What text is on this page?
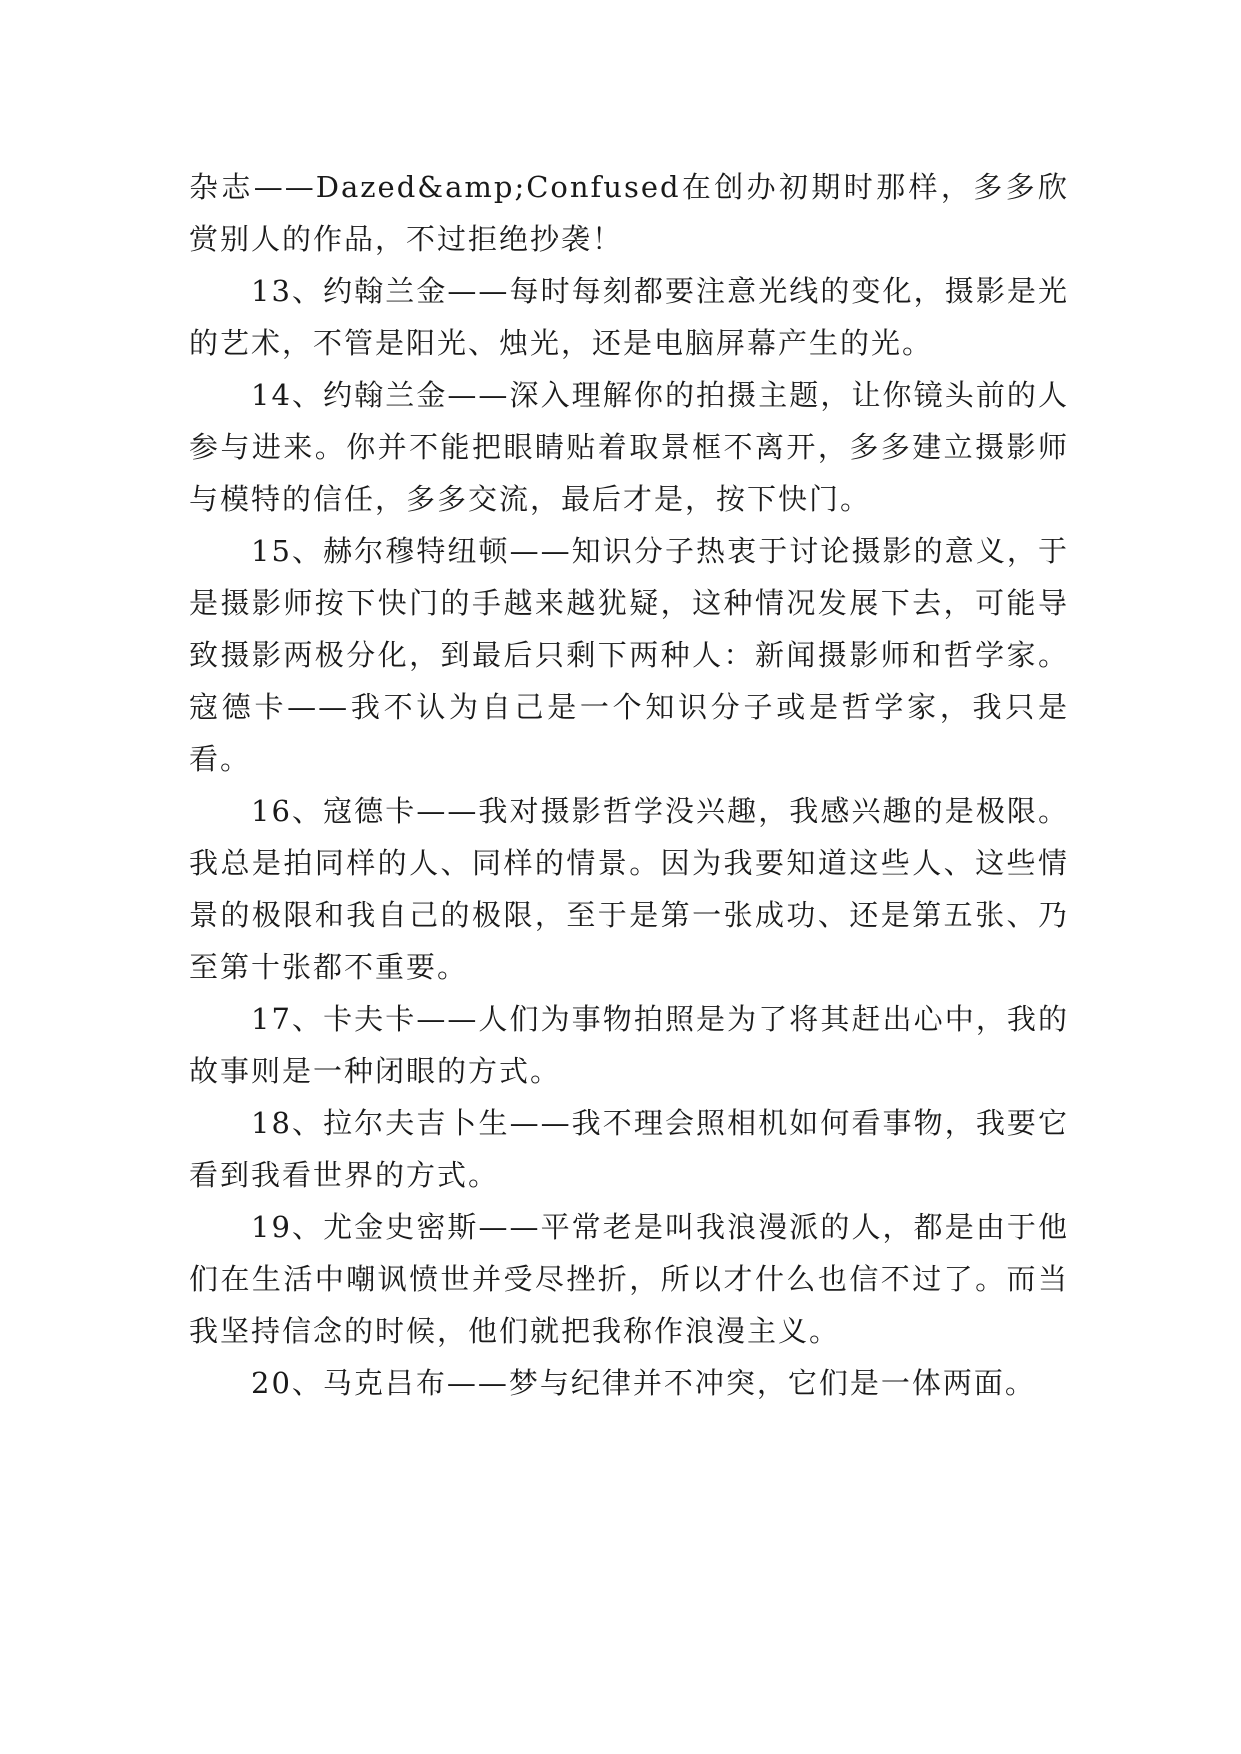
杂志——Dazed&amp;Confused在创办初期时那样，多多欣赏别人的作品，不过拒绝抄袭！

13、约翰兰金——每时每刻都要注意光线的变化，摄影是光的艺术，不管是阳光、烛光，还是电脑屏幕产生的光。

14、约翰兰金——深入理解你的拍摄主题，让你镜头前的人参与进来。你并不能把眼睛贴着取景框不离开，多多建立摄影师与模特的信任，多多交流，最后才是，按下快门。

15、赫尔穆特纽顿——知识分子热衷于讨论摄影的意义，于是摄影师按下快门的手越来越犹疑，这种情况发展下去，可能导致摄影两极分化，到最后只剩下两种人：新闻摄影师和哲学家。寇德卡——我不认为自己是一个知识分子或是哲学家，我只是看。

16、寇德卡——我对摄影哲学没兴趣，我感兴趣的是极限。我总是拍同样的人、同样的情景。因为我要知道这些人、这些情景的极限和我自己的极限，至于是第一张成功、还是第五张、乃至第十张都不重要。

17、卡夫卡——人们为事物拍照是为了将其赶出心中，我的故事则是一种闭眼的方式。

18、拉尔夫吉卜生——我不理会照相机如何看事物，我要它看到我看世界的方式。

19、尤金史密斯——平常老是叫我浪漫派的人，都是由于他们在生活中嘲讽愤世并受尽挫折，所以才什么也信不过了。而当我坚持信念的时候，他们就把我称作浪漫主义。

20、马克吕布——梦与纪律并不冲突，它们是一体两面。
